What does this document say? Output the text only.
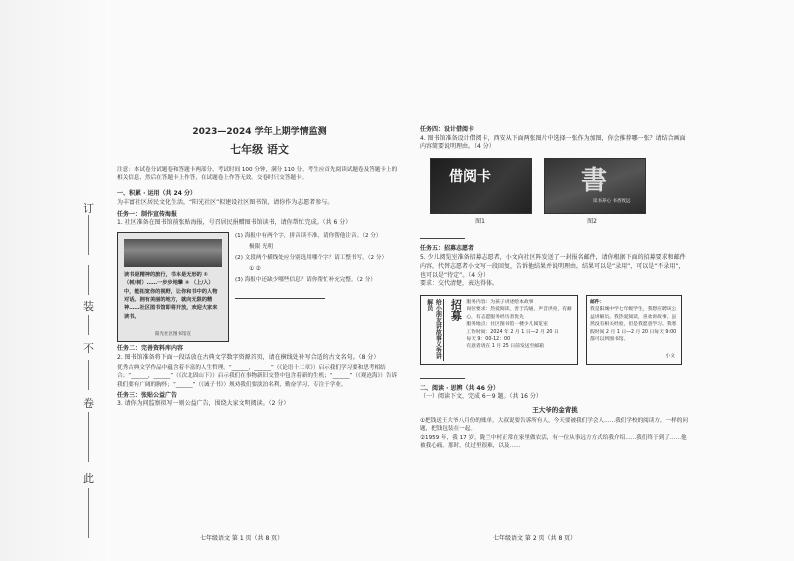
订
装
不
卷
此
2023—2024 学年上期学情监测
七年级 语文
注意：本试卷分试题卷和答题卡两部分，考试时间 100 分钟，满分 110 分。考生应首先阅读试题卷及答题卡上的相关信息，然后在答题卡上作答，在试题卷上作答无效。交卷时只交答题卡。
一、积累 · 运用（共 24 分）
为丰富社区居民文化生活，“阳光社区”拟建设社区图书馆，请你作为志愿者参与。
任务一：制作宣传海报
1. 社区准备在图书馆前张贴海报，号召居民捐赠图书馆读书，请你帮忙完成。（共 6 分）
读书是精神的旅行，书本是无形的 ① （树/树）……一步步地攀 ② （上/入）中，能拓宽你的视野，让你和书中的人物对话。拥有美丽的地方，就向无限的精神……社区图书馆即将开放，欢迎大家来读书。
阳光社区图书馆宣
(1) 海报中有两个字，拼音读不准，请你帮他注音。（2 分）
极限 光明
(2) 文段两个横线处应分别选用哪个字？请工整书写。（2 分）
① ②
(3) 海报中还缺少哪些信息？请你帮忙补充完整。（2 分）
任务二：完善资料库内容
2. 图书馆准备将下面一段话放在古典文学数字资源首页，请在横线处补写合适的古文名句。（8 分）
优秀古典文学作品中蕴含着丰富的人生哲理。“______，______”（《论语十二章》）启示我们学习要和思考相结合；“______，______”（《次北固山下》）启示我们在事物新旧交替中包含着新的生机；“______”（《观沧海》）告诉我们要有广阔的胸怀；“______”（《诫子书》）规劝我们要淡泊名利，勤奋学习，专注于学业。
任务三：张贴公益广告
3. 请你为问监察拟写一则公益广告，围绕大家文明阅读。（2 分）
七年级语文 第 1 页（共 8 页）
任务四：设计借阅卡
4. 图书馆准备设计借阅卡，西安从下面两张图片中选择一张作为加图，你会推荐哪一张？请结合画面内容简要说明理由。（4 分）
借阅卡	書
读书养心 书香致远
图1	图2
任务五：招募志愿者
5. 少儿阅览室准备招募志愿者，小文向社区阵发送了一封报名邮件，请你根据下面的招募要求和邮件内容，代替志愿者小文写一段回复，告诉他结果并说明理由。结果可以是“录用”，可以是“不录用”，也可以是“待定”。（4 分）
要求：交代清楚，表达得体。
给小朋友讲故事义务讲解员	招募 服务内容：为孩子讲述绘本故事
岗位要求：热爱阅读，善于沟通，声音洪亮，有耐心，有志愿服务经历者优先
服务地点：社区图书馆一楼少儿阅览室
工作时间：2024 年 2 月 1 日—2 月 20 日
每天 9：00-12：00
有意者请在 1 月 25 日前发送至邮箱
邮件：
我是阳城中学七年级学生，我想应聘该公益讲解员。我热爱阅读，喜欢讲故事，虽然没有相关经验，但是我愿意学习。我寒假时间 2 月 1 日—2 月 20 日每天 9:00 都可以到图书馆。
小文
二、阅读 · 思辨（共 46 分）
（一）阅读下文，完成 6～9 题。（共 16 分）
王大爷的金背挑
①把钱送王大爷八月份的账单，大叔说要告诉所有人，今天要被我们学会人……我们学校的阅读方，一样的问题，把钱包装在一起。
②1959 年，我 17 岁。陇兰中村正常在家里做农活，有一位从事远方方式给我介绍……我们终于到了……他被我心痛。那时，仗过里很难，以及……
七年级语文 第 2 页（共 8 页）
